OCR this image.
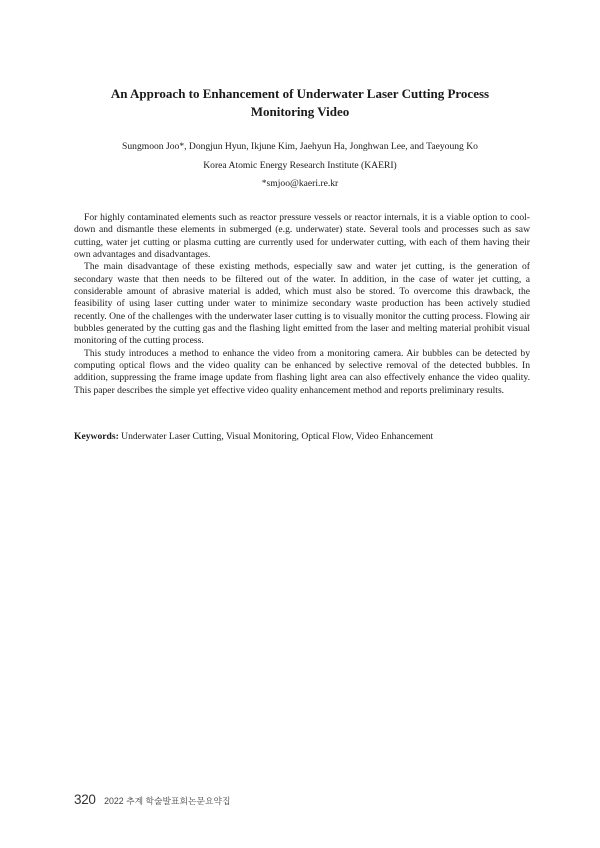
An Approach to Enhancement of Underwater Laser Cutting Process
Monitoring Video

Sungmoon Joo*, Dongjun Hyun, Ikjune Kim, Jaehyun Ha, Jonghwan Lee, and Taeyoung Ko

Korea Atomic Energy Research Institute (KAERI)

*smjoo@kaeri.re.kr

For highly contaminated elements such as reactor pressure vessels or reactor internals, it is a viable option to cool-down and dismantle these elements in submerged (e.g. underwater) state. Several tools and processes such as saw cutting, water jet cutting or plasma cutting are currently used for underwater cutting, with each of them having their own advantages and disadvantages.

The main disadvantage of these existing methods, especially saw and water jet cutting, is the generation of secondary waste that then needs to be filtered out of the water. In addition, in the case of water jet cutting, a considerable amount of abrasive material is added, which must also be stored. To overcome this drawback, the feasibility of using laser cutting under water to minimize secondary waste production has been actively studied recently. One of the challenges with the underwater laser cutting is to visually monitor the cutting process. Flowing air bubbles generated by the cutting gas and the flashing light emitted from the laser and melting material prohibit visual monitoring of the cutting process.

This study introduces a method to enhance the video from a monitoring camera. Air bubbles can be detected by computing optical flows and the video quality can be enhanced by selective removal of the detected bubbles. In addition, suppressing the frame image update from flashing light area can also effectively enhance the video quality. This paper describes the simple yet effective video quality enhancement method and reports preliminary results.

Keywords: Underwater Laser Cutting, Visual Monitoring, Optical Flow, Video Enhancement

320 2022 추계 학술발표회논문요약집
